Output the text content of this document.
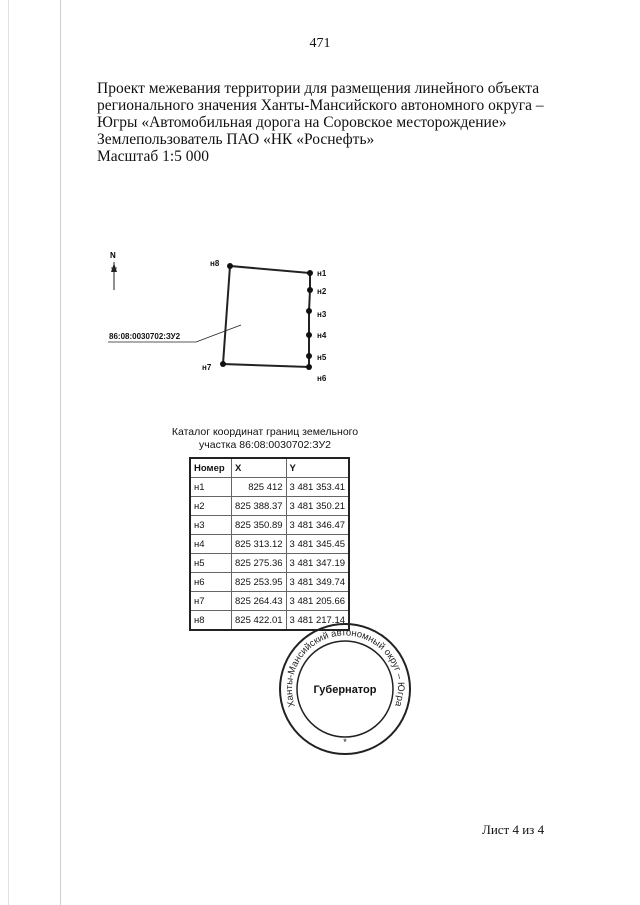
471
Проект межевания территории для размещения линейного объекта
регионального значения Ханты-Мансийского автономного округа –
Югры «Автомобильная дорога на Соровское месторождение»
Землепользователь ПАО «НК «Роснефть»
Масштаб 1:5 000
N
н1
н2
н3
н4
н5
н6
н7
н8
86:08:0030702:ЗУ2
Ханты-Мансийский автономный округ – Югра
Губернатор
*
Каталог координат границ земельного
участка 86:08:0030702:ЗУ2
Номер	X	Y
н1	825 412	3 481 353.41
н2	825 388.37	3 481 350.21
н3	825 350.89	3 481 346.47
н4	825 313.12	3 481 345.45
н5	825 275.36	3 481 347.19
н6	825 253.95	3 481 349.74
н7	825 264.43	3 481 205.66
н8	825 422.01	3 481 217.14
Лист 4 из 4
